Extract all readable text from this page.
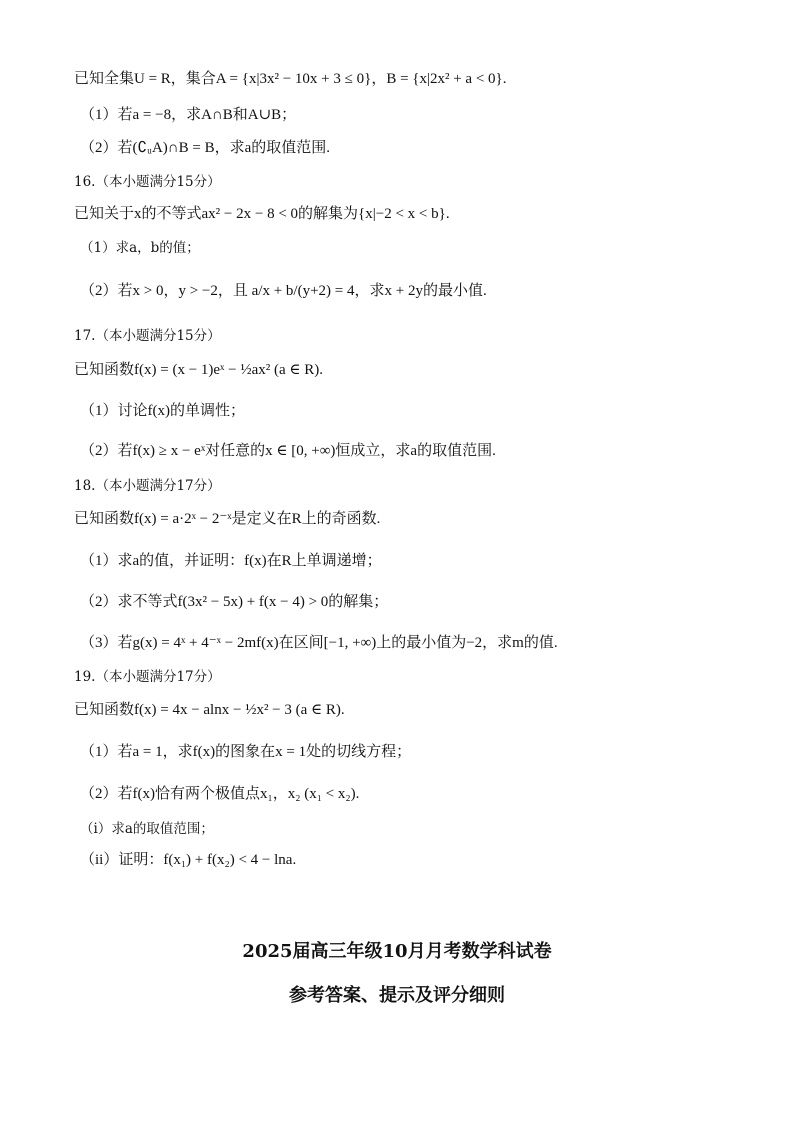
已知全集U = R，集合A = {x|3x² − 10x + 3 ≤ 0}，B = {x|2x² + a < 0}.
（1）若a = −8，求A∩B和A∪B；
（2）若(∁ᵤA)∩B = B，求a的取值范围.
16.（本小题满分15分）
已知关于x的不等式ax² − 2x − 8 < 0的解集为{x|−2 < x < b}.
（1）求a，b的值；
（2）若x > 0，y > −2，且 a/x + b/(y+2) = 4，求x + 2y的最小值.
17.（本小题满分15分）
已知函数f(x) = (x − 1)eˣ − ½ax² (a ∈ R).
（1）讨论f(x)的单调性；
（2）若f(x) ≥ x − eˣ对任意的x ∈ [0, +∞)恒成立，求a的取值范围.
18.（本小题满分17分）
已知函数f(x) = a·2ˣ − 2⁻ˣ是定义在R上的奇函数.
（1）求a的值，并证明：f(x)在R上单调递增；
（2）求不等式f(3x² − 5x) + f(x − 4) > 0的解集；
（3）若g(x) = 4ˣ + 4⁻ˣ − 2mf(x)在区间[−1, +∞)上的最小值为−2，求m的值.
19.（本小题满分17分）
已知函数f(x) = 4x − alnx − ½x² − 3 (a ∈ R).
（1）若a = 1，求f(x)的图象在x = 1处的切线方程；
（2）若f(x)恰有两个极值点x₁，x₂ (x₁ < x₂).
（i）求a的取值范围；
（ii）证明：f(x₁) + f(x₂) < 4 − lna.
2025届高三年级10月月考数学科试卷
参考答案、提示及评分细则
